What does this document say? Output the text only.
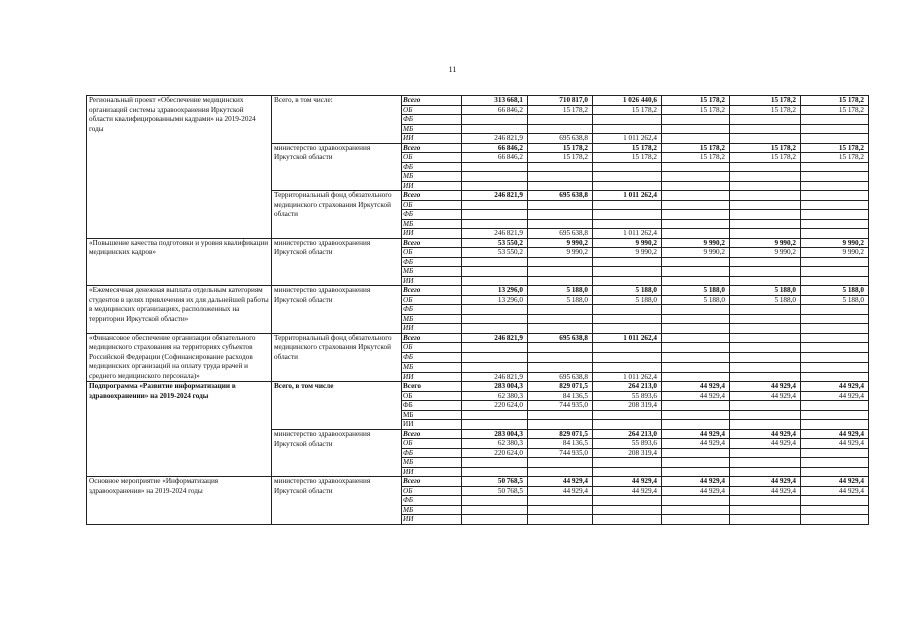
11
Региональный проект «Обеспечение медицинских организаций системы здравоохранения Иркутской области квалифицированными кадрами» на 2019-2024 годы	Всего, в том числе:	Всего	313 668,1	710 817,0	1 026 440,6	15 178,2	15 178,2	15 178,2
		ОБ	66 846,2	15 178,2	15 178,2	15 178,2	15 178,2	15 178,2
		ФБ						
		МБ						
		ИИ	246 821,9	695 638,8	1 011 262,4			
	министерство здравоохранения Иркутской области	Всего	66 846,2	15 178,2	15 178,2	15 178,2	15 178,2	15 178,2
		ОБ	66 846,2	15 178,2	15 178,2	15 178,2	15 178,2	15 178,2
		ФБ						
		МБ						
		ИИ						
	Территориальный фонд обязательного медицинского страхования Иркутской области	Всего	246 821,9	695 638,8	1 011 262,4			
		ОБ						
		ФБ						
		МБ						
		ИИ	246 821,9	695 638,8	1 011 262,4			
«Повышение качества подготовки и уровня квалификации медицинских кадров»	министерство здравоохранения Иркутской области	Всего	53 550,2	9 990,2	9 990,2	9 990,2	9 990,2	9 990,2
		ОБ	53 550,2	9 990,2	9 990,2	9 990,2	9 990,2	9 990,2
		ФБ						
		МБ						
		ИИ						
«Ежемесячная денежная выплата отдельным категориям студентов в целях привлечения их для дальнейшей работы в медицинских организациях, расположенных на территории Иркутской области»	министерство здравоохранения Иркутской области	Всего	13 296,0	5 188,0	5 188,0	5 188,0	5 188,0	5 188,0
		ОБ	13 296,0	5 188,0	5 188,0	5 188,0	5 188,0	5 188,0
		ФБ						
		МБ						
		ИИ						
«Финансовое обеспечение организации обязательного медицинского страхования на территориях субъектов Российской Федерации (Софинансирование расходов медицинских организаций на оплату труда врачей и среднего медицинского персонала)»	Территориальный фонд обязательного медицинского страхования Иркутской области	Всего	246 821,9	695 638,8	1 011 262,4			
		ОБ						
		ФБ						
		МБ						
		ИИ	246 821,9	695 638,8	1 011 262,4			
Подпрограмма «Развитие информатизации в здравоохранении» на 2019-2024 годы	Всего, в том числе	Всего	283 004,3	829 071,5	264 213,0	44 929,4	44 929,4	44 929,4
		ОБ	62 380,3	84 136,5	55 893,6	44 929,4	44 929,4	44 929,4
		ФБ	220 624,0	744 935,0	208 319,4			
		МБ						
		ИИ						
	министерство здравоохранения Иркутской области	Всего	283 004,3	829 071,5	264 213,0	44 929,4	44 929,4	44 929,4
		ОБ	62 380,3	84 136,5	55 893,6	44 929,4	44 929,4	44 929,4
		ФБ	220 624,0	744 935,0	208 319,4			
		МБ						
		ИИ						
Основное мероприятие «Информатизация здравоохранения» на 2019-2024 годы	министерство здравоохранения Иркутской области	Всего	50 768,5	44 929,4	44 929,4	44 929,4	44 929,4	44 929,4
		ОБ	50 768,5	44 929,4	44 929,4	44 929,4	44 929,4	44 929,4
		ФБ						
		МБ						
		ИИ						
